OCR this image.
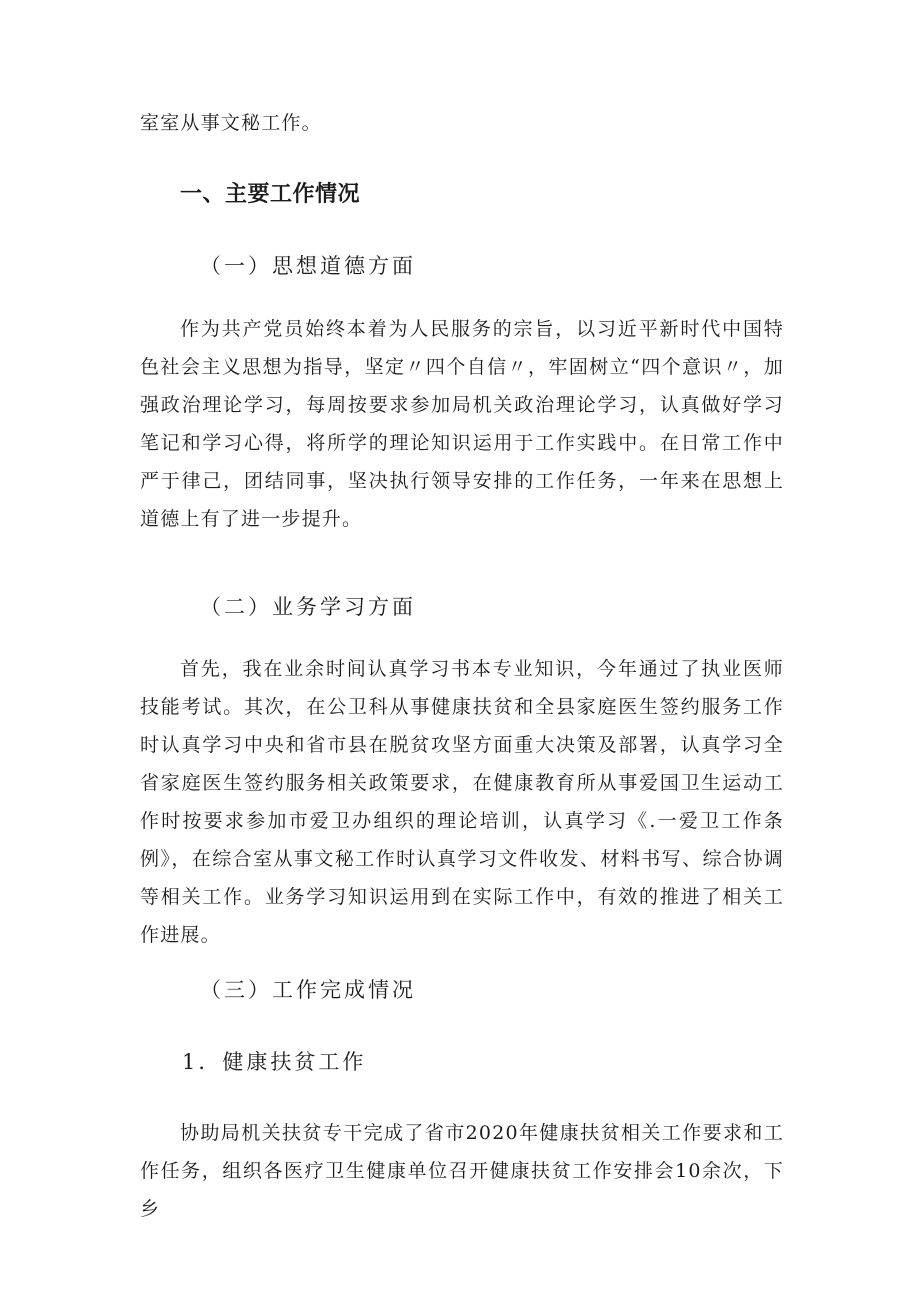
室室从事文秘工作。
一、主要工作情况
（一）思想道德方面
作为共产党员始终本着为人民服务的宗旨，以习近平新时代中国特色社会主义思想为指导，坚定〃四个自信〃，牢固树立“四个意识〃，加强政治理论学习，每周按要求参加局机关政治理论学习，认真做好学习笔记和学习心得，将所学的理论知识运用于工作实践中。在日常工作中严于律己，团结同事，坚决执行领导安排的工作任务，一年来在思想上道德上有了进一步提升。
（二）业务学习方面
首先，我在业余时间认真学习书本专业知识，今年通过了执业医师技能考试。其次，在公卫科从事健康扶贫和全县家庭医生签约服务工作时认真学习中央和省市县在脱贫攻坚方面重大决策及部署，认真学习全省家庭医生签约服务相关政策要求，在健康教育所从事爱国卫生运动工作时按要求参加市爱卫办组织的理论培训，认真学习《.一爱卫工作条例》，在综合室从事文秘工作时认真学习文件收发、材料书写、综合协调等相关工作。业务学习知识运用到在实际工作中，有效的推进了相关工作进展。
（三）工作完成情况
1．健康扶贫工作
协助局机关扶贫专干完成了省市2020年健康扶贫相关工作要求和工作任务，组织各医疗卫生健康单位召开健康扶贫工作安排会10余次，下乡
